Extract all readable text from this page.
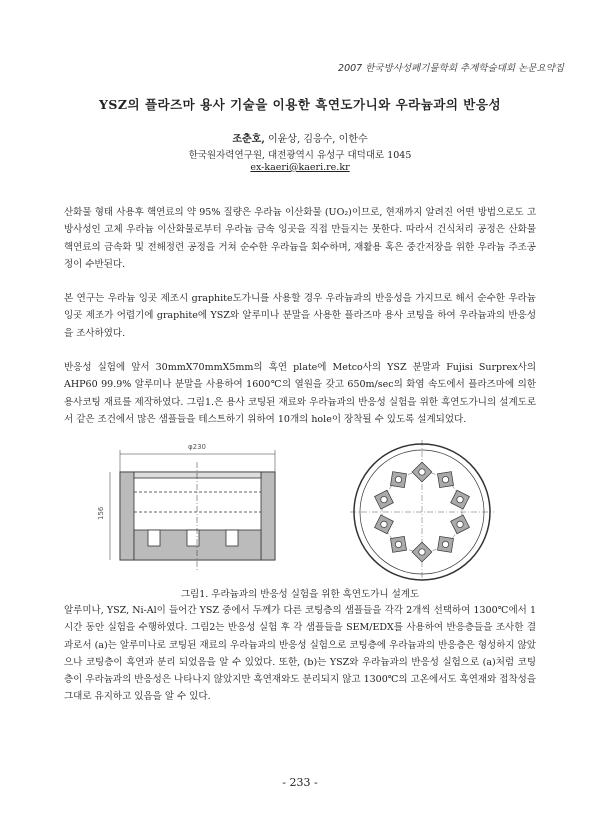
2007 한국방사성폐기물학회 추계학술대회 논문요약집
YSZ의 플라즈마 용사 기술을 이용한 흑연도가니와 우라늄과의 반응성
조춘호, 이윤상, 김응수, 이한수
한국원자력연구원, 대전광역시 유성구 대덕대로 1045
ex-kaeri@kaeri.re.kr

산화물 형태 사용후 핵연료의 약 95% 질량은 우라늄 이산화물 (UO₂)이므로, 현재까지 알려진 어떤 방법으로도 고방사성인 고체 우라늄 이산화물로부터 우라늄 금속 잉곳을 직접 만들지는 못한다. 따라서 건식처리 공정은 산화물 핵연료의 금속화 및 전해정련 공정을 거쳐 순수한 우라늄을 회수하며, 재활용 혹은 중간저장을 위한 우라늄 주조공정이 수반된다.

본 연구는 우라늄 잉곳 제조시 graphite도가니를 사용할 경우 우라늄과의 반응성을 가지므로 해서 순수한 우라늄 잉곳 제조가 어렵기에 graphite에 YSZ와 알루미나 분말을 사용한 플라즈마 용사 코팅을 하여 우라늄과의 반응성을 조사하였다.

반응성 실험에 앞서 30mmX70mmX5mm의 흑연 plate에 Metco사의 YSZ 분말과 Fujisi Surprex사의 AHP60 99.9% 알루미나 분말을 사용하여 1600℃의 열원을 갖고 650m/sec의 화염 속도에서 플라즈마에 의한 용사코팅 재료를 제작하였다. 그림1.은 용사 코팅된 재료와 우라늄과의 반응성 실험을 위한 흑연도가니의 설계도로서 같은 조건에서 많은 샘플들을 테스트하기 위하여 10개의 hole이 장착될 수 있도록 설계되었다.

φ230
156
그림1. 우라늄과의 반응성 실험을 위한 흑연도가니 설계도

알루미나, YSZ, Ni-Al이 들어간 YSZ 중에서 두께가 다른 코팅층의 샘플들을 각각 2개씩 선택하여 1300℃에서 1시간 동안 실험을 수행하였다. 그림2는 반응성 실험 후 각 샘플들을 SEM/EDX를 사용하여 반응층들을 조사한 결과로서 (a)는 알루미나로 코팅된 재료의 우라늄과의 반응성 실험으로 코팅층에 우라늄과의 반응층은 형성하지 않았으나 코팅층이 흑연과 분리 되었음을 알 수 있었다. 또한, (b)는 YSZ와 우라늄과의 반응성 실험으로 (a)처럼 코팅층이 우라늄과의 반응성은 나타나지 않았지만 흑연재와도 분리되지 않고 1300℃의 고온에서도 흑연재와 접착성을 그대로 유지하고 있음을 알 수 있다.

- 233 -
